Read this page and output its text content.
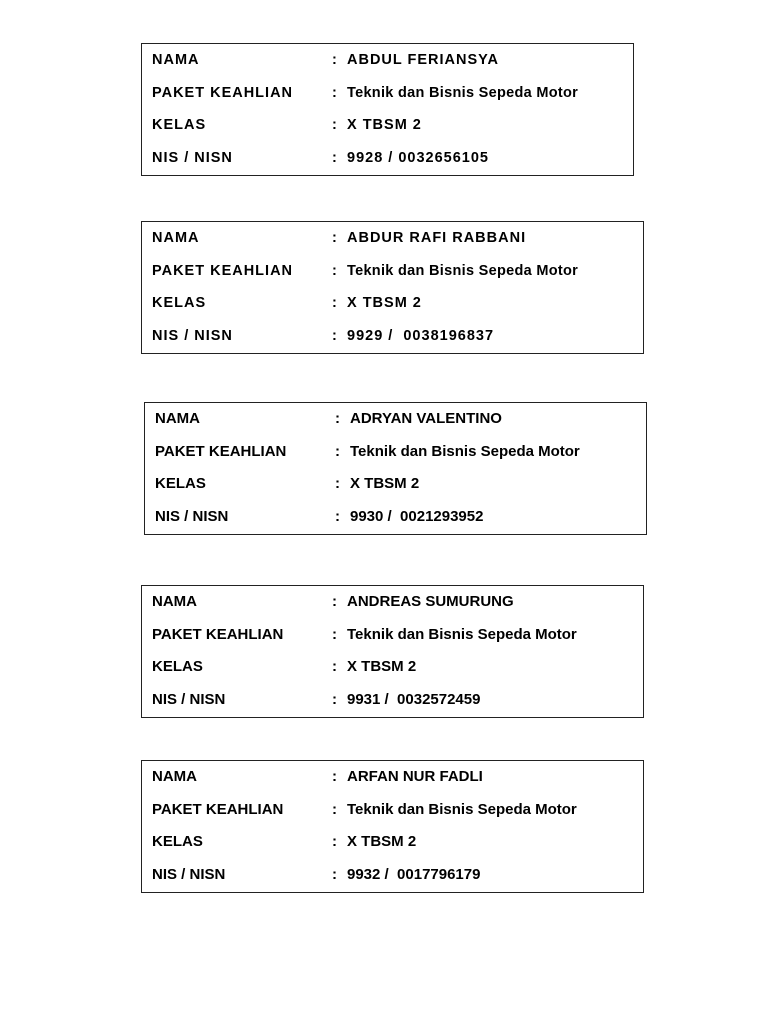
NAMA	: ABDUL FERIANSYA
PAKET KEAHLIAN	: Teknik dan Bisnis Sepeda Motor
KELAS	: X TBSM 2
NIS / NISN	: 9928 / 0032656105
NAMA	: ABDUR RAFI RABBANI
PAKET KEAHLIAN	: Teknik dan Bisnis Sepeda Motor
KELAS	: X TBSM 2
NIS / NISN	: 9929 /  0038196837
NAMA	: ADRYAN VALENTINO
PAKET KEAHLIAN	: Teknik dan Bisnis Sepeda Motor
KELAS	: X TBSM 2
NIS / NISN	: 9930 /  0021293952
NAMA	: ANDREAS SUMURUNG
PAKET KEAHLIAN	: Teknik dan Bisnis Sepeda Motor
KELAS	: X TBSM 2
NIS / NISN	: 9931 /  0032572459
NAMA	: ARFAN NUR FADLI
PAKET KEAHLIAN	: Teknik dan Bisnis Sepeda Motor
KELAS	: X TBSM 2
NIS / NISN	: 9932 /  0017796179
